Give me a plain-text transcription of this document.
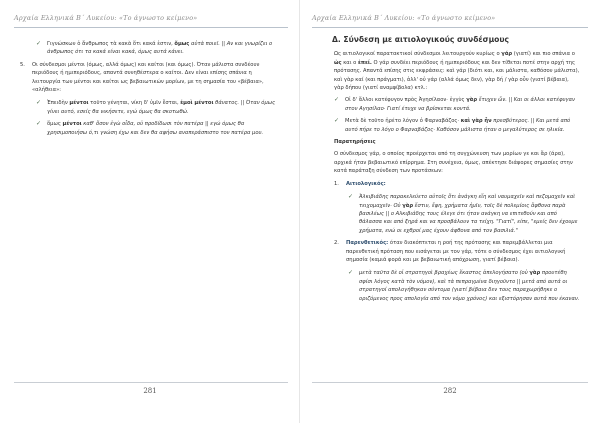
Αρχαία Ελληνικά Β΄ Λυκείου: «Το άγνωστο κείμενο»
✓ Γιγνώσκων ὁ ἄνθρωπος τὰ κακὰ ὅτι κακά ἐστιν, ὅμως αὐτὰ ποιεῖ. || Αν και γνωρίζει ο άνθρωπος ότι τα κακά είναι κακά, όμως αυτά κάνει.
5. Οι σύνδεσμοι μέντοι (όμως, αλλά όμως) και καίτοι (και όμως). Όταν μάλιστα συνδέουν περιόδους ή ημιπεριόδους, απαντά συνηθέστερα ο καίτοι. Δεν είναι επίσης σπάνια η λειτουργία των μέντοι και καίτοι ως βεβαιωτικών μορίων, με τη σημασία του «βέβαια», «αλήθεια»:
✓ Ἐπειδὴν μέντοι τοῦτο γένηται, νίκη δ' ὑμῖν ἔσται, ἐμοὶ μέντοι θάνατος. || Όταν όμως γίνει αυτό, εσείς θα νικήσετε, εγώ όμως θα σκοτωθώ.
✓ ὅμως μέντοι καθ' ὅσον ἐγὼ οἶδα, οὐ προδίδωσι τὸν πατέρα || εγώ όμως θα χρησιμοποιήσω ό,τι γνώση έχω και δεν θα αφήσω αναπεράσπιστο τον πατέρα μου.
281
Αρχαία Ελληνικά Β΄ Λυκείου: «Το άγνωστο κείμενο»
Δ. Σύνδεση με αιτιολογικούς συνδέσμους
Ως αιτιολογικοί παρατακτικοί σύνδεσμοι λειτουργούν κυρίως ο γάρ (γιατί) και πιο σπάνια ο ὡς και ο ἐπεί. Ο γάρ συνδέει περιόδους ή ημιπεριόδους και δεν τίθεται ποτέ στην αρχή της πρότασης. Απαντά επίσης στις εκφράσεις: καὶ γάρ (διότι και, και μάλιστα, καθόσον μάλιστα), καὶ γὰρ καί (και πράγματι), ἀλλ' οὐ γάρ (αλλά όμως δεν), γὰρ δή / γὰρ οὖν (γιατί βέβαια), γὰρ δήπου (γιατί αναμφίβολα) κτλ.:
✓ Οἱ δ' ἄλλοι κατέφυγον πρὸς Ἀγησίλαον· ἐγγὺς γὰρ ἔτυχεν ὤν. || Και οι άλλοι κατέφυγαν στον Αγησίλαο· Γιατί έτυχε να βρίσκεται κοντά.
✓ Μετὰ δὲ τοῦτο ἡρέτο λόγον ὁ Φαρναβάζος· καὶ γὰρ ἦν πρεσβύτερος. || Και μετά από αυτό πήρε το λόγο ο Φαρναβάζος· Καθόσον μάλιστα ήταν ο μεγαλύτερος σε ηλικία.
Παρατηρήσεις
Ο σύνδεσμος γάρ, ο οποίος προέρχεται από τη συγχώνευση των μορίων γε και ἄρ (άρα), αρχικά ήταν βεβαιωτικό επίρρημα. Στη συνέχεια, όμως, απέκτησε διάφορες σημασίες στην κατά παράταξη σύνδεση των προτάσεων:
1. Αιτιολογικός:
✓ Ἀλκιβιάδης παρακελεύετο αὐτοῖς ὅτι ἀνάγκη εἴη καὶ ναυμαχεῖν καὶ πεζομαχεῖν καὶ τειχομαχεῖν· Οὐ γὰρ ἔστιν, ἔφη, χρήματα ἡμῖν, τοῖς δὲ πολεμίοις ἄφθονα παρὰ βασιλέως || ο Αλκιβιάδης τους έλεγε ότι ήταν ανάγκη να επιτεθούν και από θάλασσα και από ξηρά και να προσβάλουν τα τείχη. "Γιατί", είπε, "εμείς δεν έχουμε χρήματα, ενώ οι εχθροί μας έχουν άφθονα από τον βασιλιά."
2. Παρενθετικός: όταν διακόπτεται η ροή της πρότασης και παρεμβάλλεται μια παρενθετική πρόταση που εισάγεται με τον γάρ, τότε ο σύνδεσμος έχει αιτιολογική σημασία (καμιά φορά και με βεβαιωτική απόχρωση, γιατί βέβαια).
✓ μετὰ ταῦτα δὲ οἱ στρατηγοὶ βραχέως ἕκαστος ἀπελογήσατο (οὐ γὰρ προυτέθη σφίσι λόγος κατὰ τὸν νόμον), καὶ τὰ πεπραγμένα διηγοῦντο || μετά από αυτά οι στρατηγοί απολογήθηκαν σύντομα (γιατί βέβαια δεν τους παραχωρήθηκε ο οριζόμενος προς απολογία από τον νόμο χρόνος) και εξιστόρησαν αυτά που έκαναν.
282
